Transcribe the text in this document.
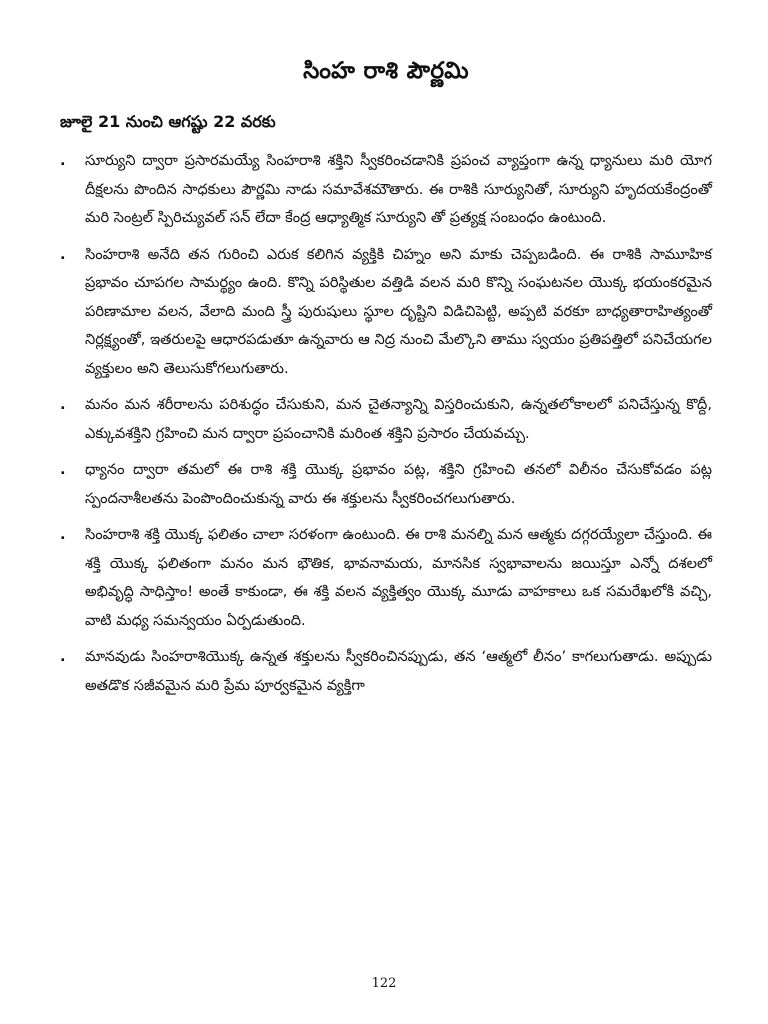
సింహ రాశి పౌర్ణమి
జూలై 21 నుంచి ఆగష్టు 22 వరకు
. సూర్యుని ద్వారా ప్రసారమయ్యే సింహరాశి శక్తిని స్వీకరించడానికి ప్రపంచ వ్యాప్తంగా ఉన్న ధ్యానులు మరి యోగ దీక్షలను పొందిన సాధకులు పౌర్ణమి నాడు సమావేశమౌతారు. ఈ రాశికి సూర్యునితో, సూర్యుని హృదయకేంద్రంతో మరి సెంట్రల్ స్పిరిచ్యువల్ సన్ లేదా కేంద్ర ఆధ్యాత్మిక సూర్యుని తో ప్రత్యక్ష సంబంధం ఉంటుంది.
. సింహరాశి అనేది తన గురించి ఎరుక కలిగిన వ్యక్తికి చిహ్నం అని మాకు చెప్పబడింది. ఈ రాశికి సామూహిక ప్రభావం చూపగల సామర్థ్యం ఉంది. కొన్ని పరిస్థితుల వత్తిడి వలన మరి కొన్ని సంఘటనల యొక్క భయంకరమైన పరిణామాల వలన, వేలాది మంది స్త్రీ పురుషులు స్థూల దృష్టిని విడిచిపెట్టి, అప్పటి వరకూ బాధ్యతారాహిత్యంతో నిర్లక్ష్యంతో, ఇతరులపై ఆధారపడుతూ ఉన్నవారు ఆ నిద్ర నుంచి మేల్కొని తాము స్వయం ప్రతిపత్తిలో పనిచేయగల వ్యక్తులం అని తెలుసుకోగలుగుతారు.
. మనం మన శరీరాలను పరిశుద్ధం చేసుకుని, మన చైతన్యాన్ని విస్తరించుకుని, ఉన్నతలోకాలలో పనిచేస్తున్న కొద్దీ, ఎక్కువశక్తిని గ్రహించి మన ద్వారా ప్రపంచానికి మరింత శక్తిని ప్రసారం చేయవచ్చు.
. ధ్యానం ద్వారా తమలో ఈ రాశి శక్తి యొక్క ప్రభావం పట్ల, శక్తిని గ్రహించి తనలో విలీనం చేసుకోవడం పట్ల స్పందనాశీలతను పెంపొందించుకున్న వారు ఈ శక్తులను స్వీకరించగలుగుతారు.
. సింహరాశి శక్తి యొక్క ఫలితం చాలా సరళంగా ఉంటుంది. ఈ రాశి మనల్ని మన ఆత్మకు దగ్గరయ్యేలా చేస్తుంది. ఈ శక్తి యొక్క ఫలితంగా మనం మన భౌతిక, భావనామయ, మానసిక స్వభావాలను జయిస్తూ ఎన్నో దశలలో అభివృద్ధి సాధిస్తాం! అంతే కాకుండా, ఈ శక్తి వలన వ్యక్తిత్వం యొక్క మూడు వాహకాలు ఒక సమరేఖలోకి వచ్చి, వాటి మధ్య సమన్వయం ఏర్పడుతుంది.
. మానవుడు సింహరాశియొక్క ఉన్నత శక్తులను స్వీకరించినప్పుడు, తన ‘ఆత్మలో లీనం’ కాగలుగుతాడు. అప్పుడు అతడొక సజీవమైన మరి ప్రేమ పూర్వకమైన వ్యక్తిగా
122
